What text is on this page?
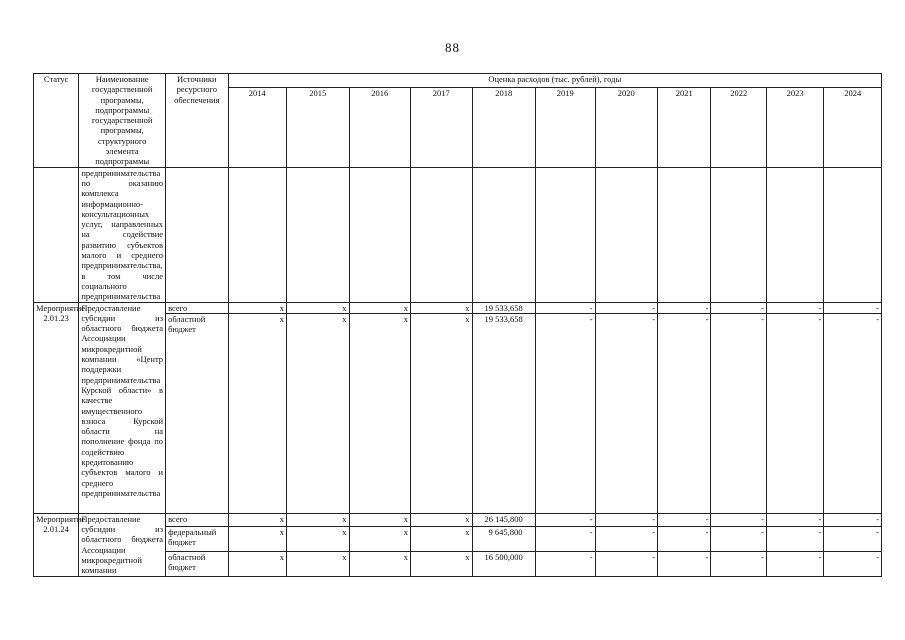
88
Статус	Наименование государственной программы, подпрограммы государственной программы, структурного элемента подпрограммы	Источники ресурсного обеспечения	Оценка расходов (тыс. рублей), годы										
			2014	2015	2016	2017	2018	2019	2020	2021	2022	2023	2024
	предпринимательства по оказанию комплекса информационно-консультационных услуг, направленных на содействие развитию субъектов малого и среднего предпринимательства, в том числе социального предпринимательства												
Мероприятие 2.01.23	Предоставление субсидии из областного бюджета Ассоциации микрокредитной компании «Центр поддержки предпринимательства Курской области» в качестве имущественного взноса Курской области на пополнение фонда по содействию кредитованию субъектов малого и среднего предпринимательства	всего	x	x	x	x	19 533,658	-	-	-	-	-	-
		областной бюджет	x	x	x	x	19 533,658	-	-	-	-	-	-
Мероприятие 2.01.24	Предоставление субсидии из областного бюджета Ассоциации микрокредитной компании	всего	x	x	x	x	26 145,800	-	-	-	-	-	-
		федеральный бюджет	x	x	x	x	9 645,800	-	-	-	-	-	-
		областной бюджет	x	x	x	x	16 500,000	-	-	-	-	-	-
